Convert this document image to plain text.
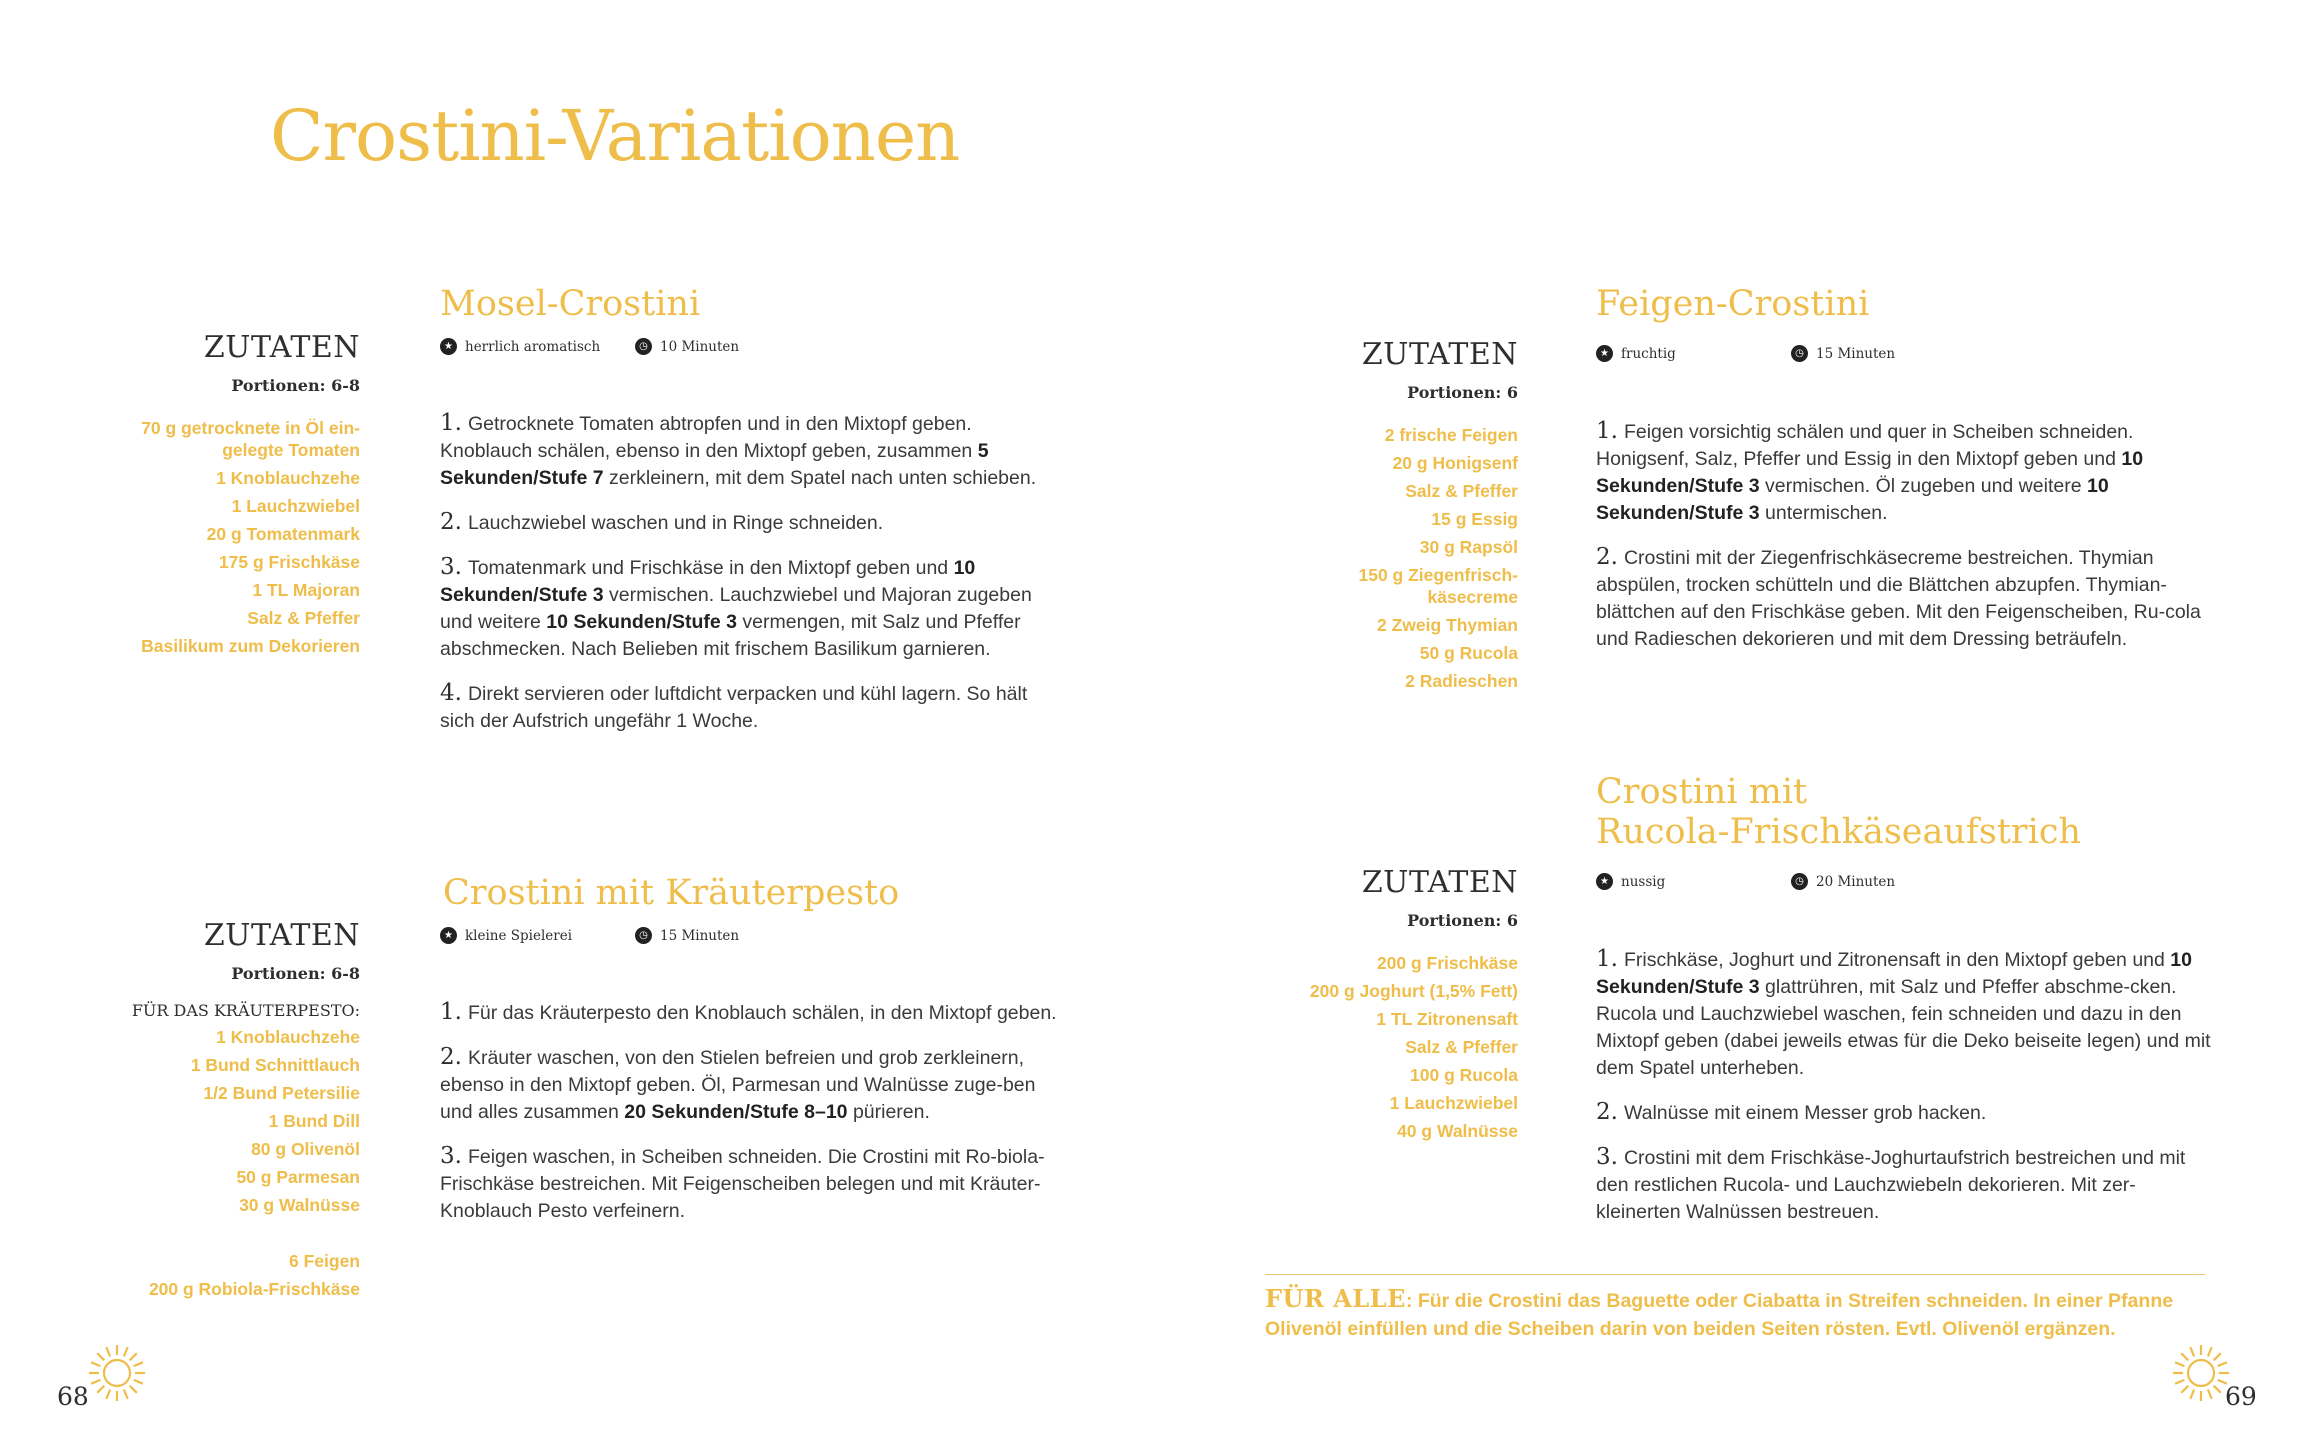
Crostini-Variationen
Mosel-Crostini
★ herrlich aromatisch	◷ 10 Minuten
ZUTATEN
Portionen: 6-8
70 g getrocknete in Öl ein-
gelegte Tomaten
1 Knoblauchzehe
1 Lauchzwiebel
20 g Tomatenmark
175 g Frischkäse
1 TL Majoran
Salz & Pfeffer
Basilikum zum Dekorieren

1. Getrocknete Tomaten abtropfen und in den Mixtopf geben. Knoblauch schälen, ebenso in den Mixtopf geben, zusammen 5 Sekunden/Stufe 7 zerkleinern, mit dem Spatel nach unten schieben.

2. Lauchzwiebel waschen und in Ringe schneiden.

3. Tomatenmark und Frischkäse in den Mixtopf geben und 10 Sekunden/Stufe 3 vermischen. Lauchzwiebel und Majoran zugeben und weitere 10 Sekunden/Stufe 3 vermengen, mit Salz und Pfeffer abschmecken. Nach Belieben mit frischem Basilikum garnieren.

4. Direkt servieren oder luftdicht verpacken und kühl lagern. So hält sich der Aufstrich ungefähr 1 Woche.

Crostini mit Kräuterpesto
★ kleine Spielerei	◷ 15 Minuten
ZUTATEN
Portionen: 6-8
FÜR DAS KRÄUTERPESTO:
1 Knoblauchzehe
1 Bund Schnittlauch
1/2 Bund Petersilie
1 Bund Dill
80 g Olivenöl
50 g Parmesan
30 g Walnüsse
6 Feigen
200 g Robiola-Frischkäse

1. Für das Kräuterpesto den Knoblauch schälen, in den Mixtopf geben.

2. Kräuter waschen, von den Stielen befreien und grob zerkleinern, ebenso in den Mixtopf geben. Öl, Parmesan und Walnüsse zuge-ben und alles zusammen 20 Sekunden/Stufe 8–10 pürieren.

3. Feigen waschen, in Scheiben schneiden. Die Crostini mit Ro-biola-Frischkäse bestreichen. Mit Feigenscheiben belegen und mit Kräuter-Knoblauch Pesto verfeinern.

Feigen-Crostini
★ fruchtig	◷ 15 Minuten
ZUTATEN
Portionen: 6
2 frische Feigen
20 g Honigsenf
Salz & Pfeffer
15 g Essig
30 g Rapsöl
150 g Ziegenfrisch-
käsecreme
2 Zweig Thymian
50 g Rucola
2 Radieschen

1. Feigen vorsichtig schälen und quer in Scheiben schneiden. Honigsenf, Salz, Pfeffer und Essig in den Mixtopf geben und 10 Sekunden/Stufe 3 vermischen. Öl zugeben und weitere 10 Sekunden/Stufe 3 untermischen.

2. Crostini mit der Ziegenfrischkäsecreme bestreichen. Thymian abspülen, trocken schütteln und die Blättchen abzupfen. Thymian-blättchen auf den Frischkäse geben. Mit den Feigenscheiben, Ru-cola und Radieschen dekorieren und mit dem Dressing beträufeln.

Crostini mit
Rucola-Frischkäseaufstrich
★ nussig	◷ 20 Minuten
ZUTATEN
Portionen: 6
200 g Frischkäse
200 g Joghurt (1,5% Fett)
1 TL Zitronensaft
Salz & Pfeffer
100 g Rucola
1 Lauchzwiebel
40 g Walnüsse

1. Frischkäse, Joghurt und Zitronensaft in den Mixtopf geben und 10 Sekunden/Stufe 3 glattrühren, mit Salz und Pfeffer abschme-cken. Rucola und Lauchzwiebel waschen, fein schneiden und dazu in den Mixtopf geben (dabei jeweils etwas für die Deko beiseite legen) und mit dem Spatel unterheben.

2. Walnüsse mit einem Messer grob hacken.

3. Crostini mit dem Frischkäse-Joghurtaufstrich bestreichen und mit den restlichen Rucola- und Lauchzwiebeln dekorieren. Mit zer-kleinerten Walnüssen bestreuen.

FÜR ALLE: Für die Crostini das Baguette oder Ciabatta in Streifen schneiden. In einer Pfanne Olivenöl einfüllen und die Scheiben darin von beiden Seiten rösten. Evtl. Olivenöl ergänzen.
68	69
